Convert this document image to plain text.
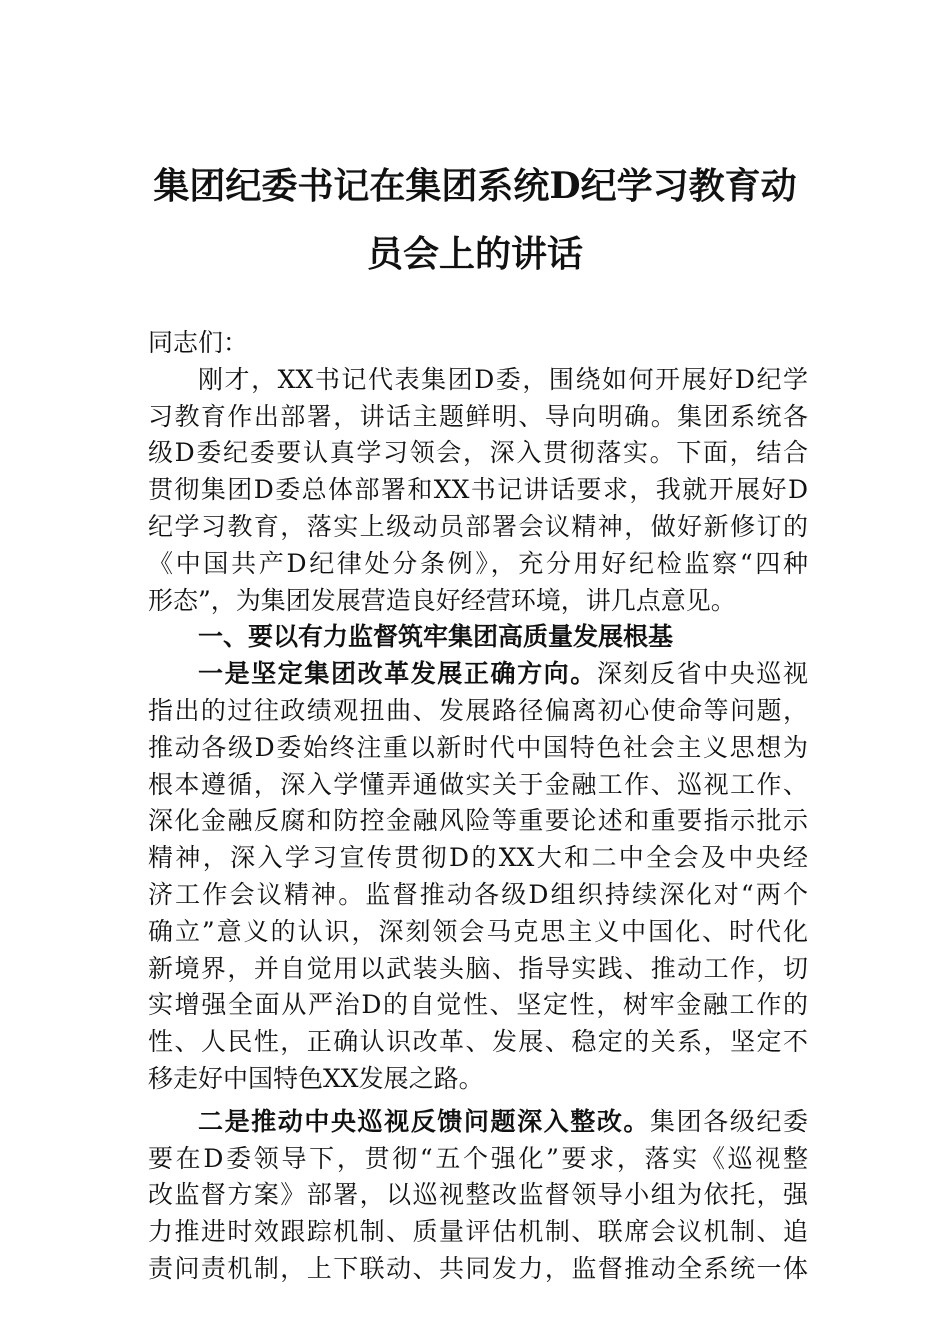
集团纪委书记在集团系统D纪学习教育动
员会上的讲话
同志们：
刚才，XX书记代表集团D委，围绕如何开展好D纪学
习教育作出部署，讲话主题鲜明、导向明确。集团系统各
级D委纪委要认真学习领会，深入贯彻落实。下面，结合
贯彻集团D委总体部署和XX书记讲话要求，我就开展好D
纪学习教育，落实上级动员部署会议精神，做好新修订的
《中国共产D纪律处分条例》，充分用好纪检监察“四种
形态”，为集团发展营造良好经营环境，讲几点意见。
一、要以有力监督筑牢集团高质量发展根基
一是坚定集团改革发展正确方向。深刻反省中央巡视
指出的过往政绩观扭曲、发展路径偏离初心使命等问题，
推动各级D委始终注重以新时代中国特色社会主义思想为
根本遵循，深入学懂弄通做实关于金融工作、巡视工作、
深化金融反腐和防控金融风险等重要论述和重要指示批示
精神，深入学习宣传贯彻D的XX大和二中全会及中央经
济工作会议精神。监督推动各级D组织持续深化对“两个
确立”意义的认识，深刻领会马克思主义中国化、时代化
新境界，并自觉用以武装头脑、指导实践、推动工作，切
实增强全面从严治D的自觉性、坚定性，树牢金融工作的
性、人民性，正确认识改革、发展、稳定的关系，坚定不
移走好中国特色XX发展之路。
二是推动中央巡视反馈问题深入整改。集团各级纪委
要在D委领导下，贯彻“五个强化”要求，落实《巡视整
改监督方案》部署，以巡视整改监督领导小组为依托，强
力推进时效跟踪机制、质量评估机制、联席会议机制、追
责问责机制，上下联动、共同发力，监督推动全系统一体
